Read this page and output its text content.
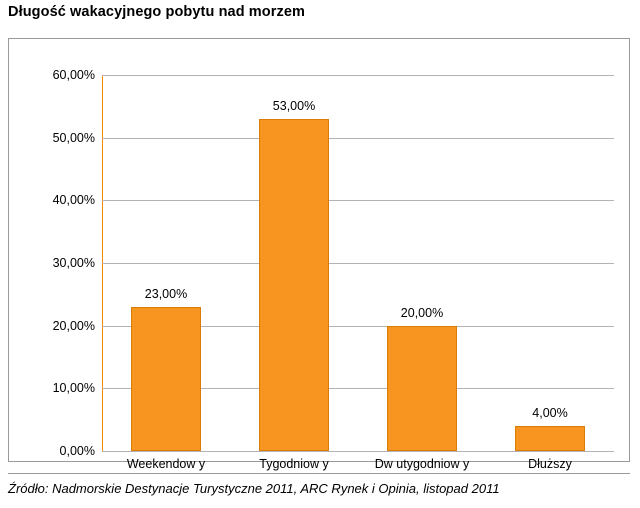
Długość wakacyjnego pobytu nad morzem
0,00%
10,00%
20,00%
30,00%
40,00%
50,00%
60,00%
23,00%
53,00%
20,00%
4,00%
Weekendow y	Tygodniow y	Dw utygodniow y	Dłuższy
Źródło: Nadmorskie Destynacje Turystyczne 2011, ARC Rynek i Opinia, listopad 2011
